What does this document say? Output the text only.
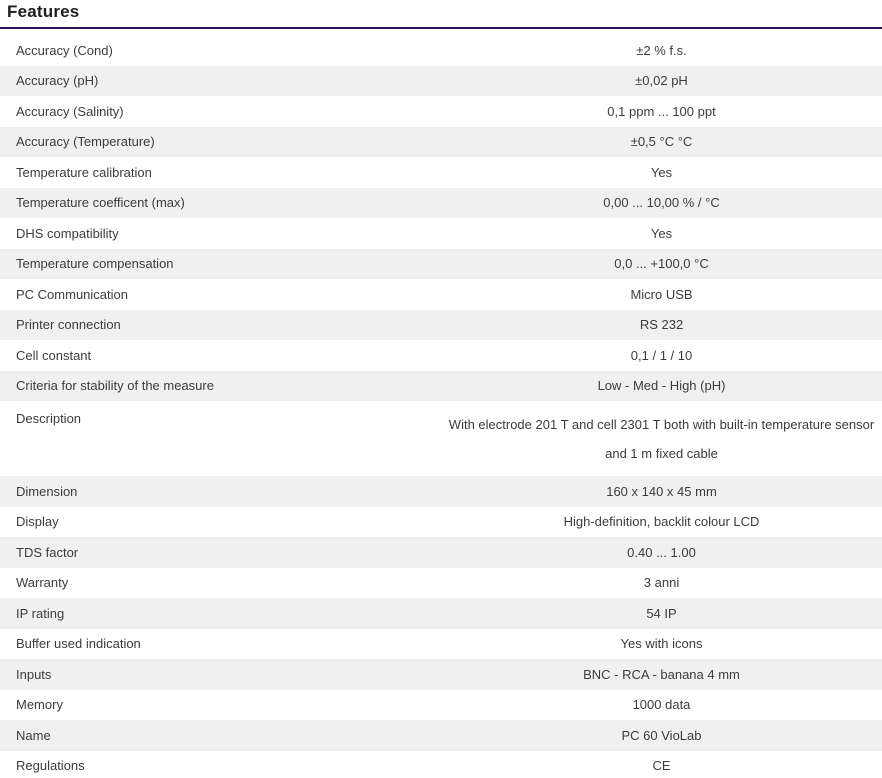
Features
Accuracy (Cond)	±2 % f.s.
Accuracy (pH)	±0,02 pH
Accuracy (Salinity)	0,1 ppm ... 100 ppt
Accuracy (Temperature)	±0,5 °C °C
Temperature calibration	Yes
Temperature coefficent (max)	0,00 ... 10,00 % / °C
DHS compatibility	Yes
Temperature compensation	0,0 ... +100,0 °C
PC Communication	Micro USB
Printer connection	RS 232
Cell constant	0,1 / 1 / 10
Criteria for stability of the measure	Low - Med - High (pH)
Description	With electrode 201 T and cell 2301 T both with built-in temperature sensor and 1 m fixed cable
Dimension	160 x 140 x 45 mm
Display	High-definition, backlit colour LCD
TDS factor	0.40 ... 1.00
Warranty	3 anni
IP rating	54 IP
Buffer used indication	Yes with icons
Inputs	BNC - RCA - banana 4 mm
Memory	1000 data
Name	PC 60 VioLab
Regulations	CE
